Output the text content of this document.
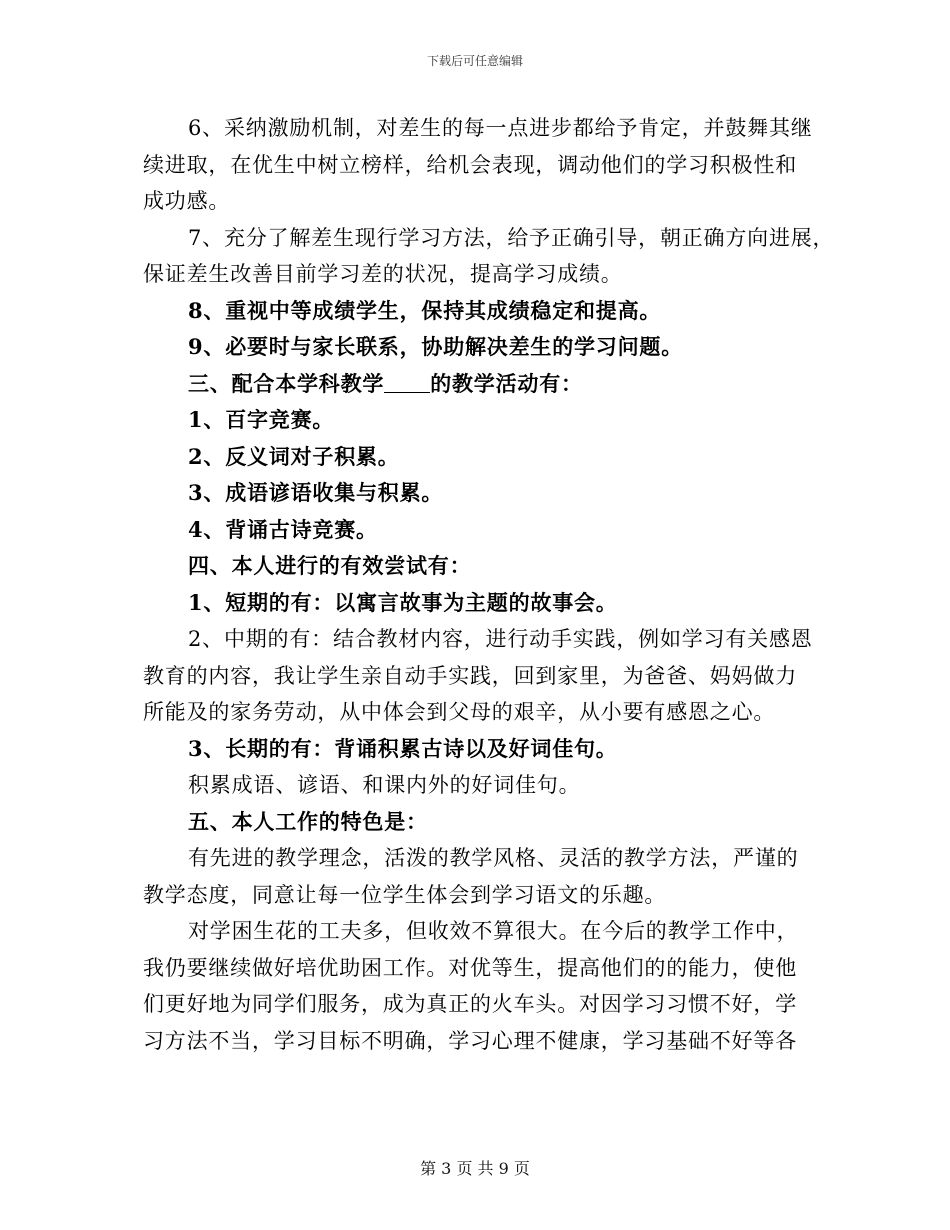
下载后可任意编辑
6、采纳激励机制，对差生的每一点进步都给予肯定，并鼓舞其继
续进取，在优生中树立榜样，给机会表现，调动他们的学习积极性和
成功感。
7、充分了解差生现行学习方法，给予正确引导，朝正确方向进展，
保证差生改善目前学习差的状况，提高学习成绩。
8、重视中等成绩学生，保持其成绩稳定和提高。
9、必要时与家长联系，协助解决差生的学习问题。
三、配合本学科教学 的教学活动有：
1、百字竞赛。
2、反义词对子积累。
3、成语谚语收集与积累。
4、背诵古诗竞赛。
四、本人进行的有效尝试有：
1、短期的有：以寓言故事为主题的故事会。
2、中期的有：结合教材内容，进行动手实践，例如学习有关感恩
教育的内容，我让学生亲自动手实践，回到家里，为爸爸、妈妈做力
所能及的家务劳动，从中体会到父母的艰辛，从小要有感恩之心。
3、长期的有：背诵积累古诗以及好词佳句。
积累成语、谚语、和课内外的好词佳句。
五、本人工作的特色是：
有先进的教学理念，活泼的教学风格、灵活的教学方法，严谨的
教学态度，同意让每一位学生体会到学习语文的乐趣。
对学困生花的工夫多，但收效不算很大。在今后的教学工作中，
我仍要继续做好培优助困工作。对优等生，提高他们的的能力，使他
们更好地为同学们服务，成为真正的火车头。对因学习习惯不好，学
习方法不当，学习目标不明确，学习心理不健康，学习基础不好等各
第 3 页 共 9 页
